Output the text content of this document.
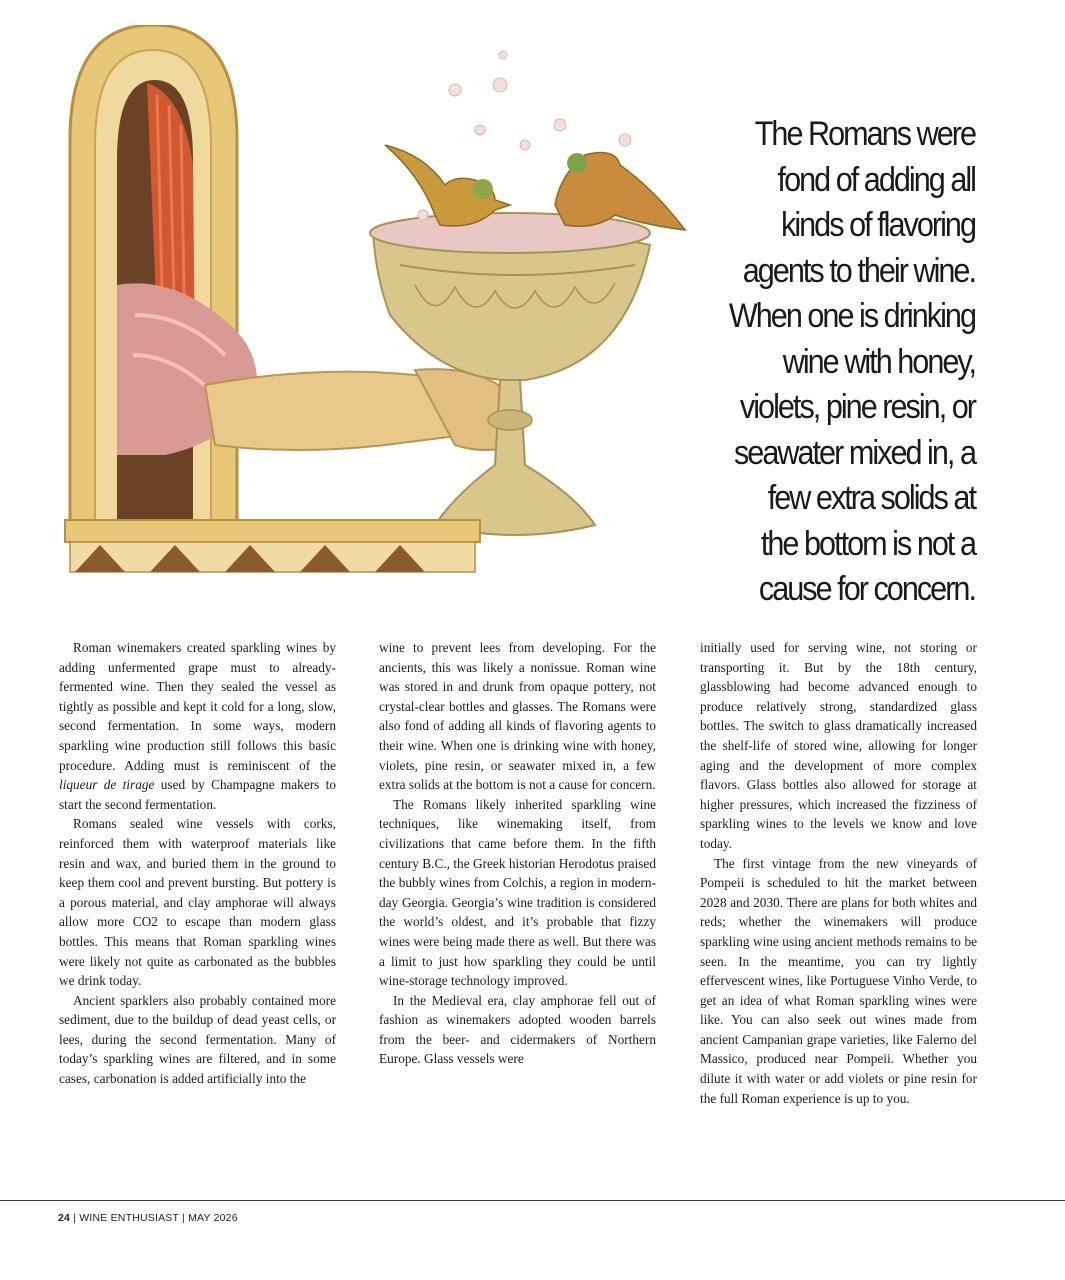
The Romans were fond of adding all kinds of flavoring agents to their wine. When one is drinking wine with honey, violets, pine resin, or seawater mixed in, a few extra solids at the bottom is not a cause for concern.

Roman winemakers created sparkling wines by adding unfermented grape must to already-fermented wine. Then they sealed the vessel as tightly as possible and kept it cold for a long, slow, second fermentation. In some ways, modern sparkling wine production still follows this basic procedure. Adding must is reminiscent of the liqueur de tirage used by Champagne makers to start the second fermentation.

Romans sealed wine vessels with corks, reinforced them with waterproof materials like resin and wax, and buried them in the ground to keep them cool and prevent bursting. But pottery is a porous material, and clay amphorae will always allow more CO2 to escape than modern glass bottles. This means that Roman sparkling wines were likely not quite as carbonated as the bubbles we drink today.

Ancient sparklers also probably contained more sediment, due to the buildup of dead yeast cells, or lees, during the second fermentation. Many of today’s sparkling wines are filtered, and in some cases, carbonation is added artificially into the

wine to prevent lees from developing. For the ancients, this was likely a nonissue. Roman wine was stored in and drunk from opaque pottery, not crystal-clear bottles and glasses. The Romans were also fond of adding all kinds of flavoring agents to their wine. When one is drinking wine with honey, violets, pine resin, or seawater mixed in, a few extra solids at the bottom is not a cause for concern.

The Romans likely inherited sparkling wine techniques, like winemaking itself, from civilizations that came before them. In the fifth century B.C., the Greek historian Herodotus praised the bubbly wines from Colchis, a region in modern-day Georgia. Georgia’s wine tradition is considered the world’s oldest, and it’s probable that fizzy wines were being made there as well. But there was a limit to just how sparkling they could be until wine-storage technology improved.

In the Medieval era, clay amphorae fell out of fashion as winemakers adopted wooden barrels from the beer- and cidermakers of Northern Europe. Glass vessels were

initially used for serving wine, not storing or transporting it. But by the 18th century, glassblowing had become advanced enough to produce relatively strong, standardized glass bottles. The switch to glass dramatically increased the shelf-life of stored wine, allowing for longer aging and the development of more complex flavors. Glass bottles also allowed for storage at higher pressures, which increased the fizziness of sparkling wines to the levels we know and love today.

The first vintage from the new vineyards of Pompeii is scheduled to hit the market between 2028 and 2030. There are plans for both whites and reds; whether the winemakers will produce sparkling wine using ancient methods remains to be seen. In the meantime, you can try lightly effervescent wines, like Portuguese Vinho Verde, to get an idea of what Roman sparkling wines were like. You can also seek out wines made from ancient Campanian grape varieties, like Falerno del Massico, produced near Pompeii. Whether you dilute it with water or add violets or pine resin for the full Roman experience is up to you.

24 | WINE ENTHUSIAST | MAY 2026
